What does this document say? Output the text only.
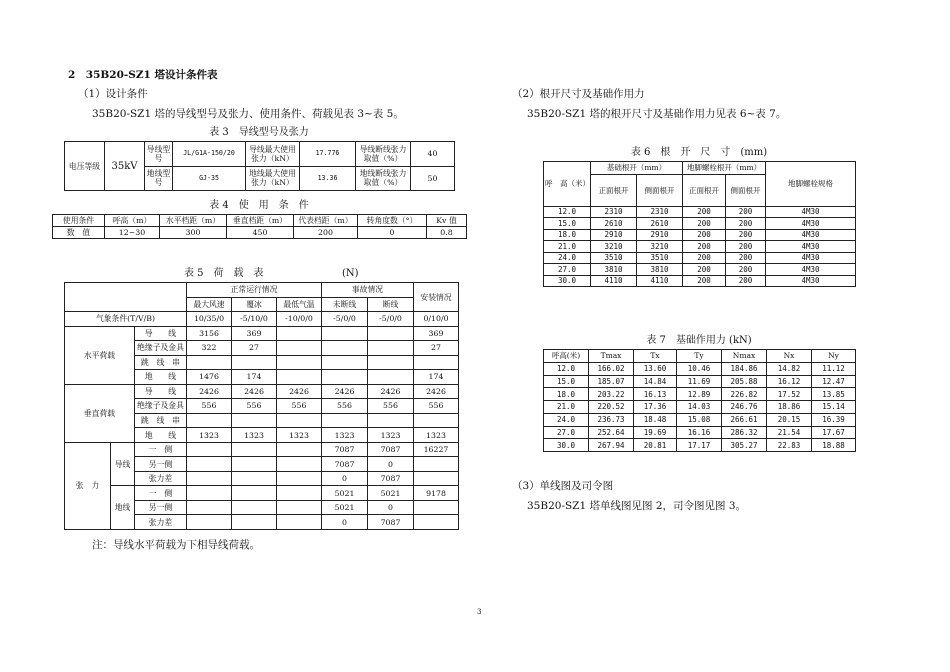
2　35B20-SZ1 塔设计条件表
（1）设计条件
35B20-SZ1 塔的导线型号及张力、使用条件、荷载见表 3~表 5。
表 3　导线型号及张力
电压等级	35kV	导线型号	JL/G1A-150/20	导线最大使用张力（kN）	17.776	导线断线张力取值（%）	40
		地线型号	GJ-35	地线最大使用张力（kN）	13.36	地线断线张力取值（%）	50
表 4　使　用　条　件
使用条件	呼高（m）	水平档距（m）	垂直档距（m）	代表档距（m）	转角度数（°）	Kv 值
数　值	12~30	300	450	200	0	0.8
表 5　荷　载　表	(N)
			正常运行情况			事故情况		安装情况
			最大风速	覆冰	最低气温	未断线	断线	
气象条件(T/V/B)			10/35/0	-5/10/0	-10/0/0	-5/0/0	-5/0/0	0/10/0
水平荷载		导　　线	3156	369				369
		绝缘子及金具	322	27				27
		跳　线　串						
		地　　线	1476	174				174
垂直荷载		导　　线	2426	2426	2426	2426	2426	2426
		绝缘子及金具	556	556	556	556	556	556
		跳　线　串						
		地　　线	1323	1323	1323	1323	1323	1323
张　力	导线	一　侧				7087	7087	16227
		另一侧				7087	0	
		张力差				0	7087	
	地线	一　侧				5021	5021	9178
		另一侧				5021	0	
		张力差				0	7087	
注：导线水平荷载为下相导线荷载。
（2）根开尺寸及基础作用力
35B20-SZ1 塔的根开尺寸及基础作用力见表 6~表 7。
表 6　根　开　尺　寸　(mm)
呼　高（米）	基础根开（mm）		地脚螺栓根开（mm）		地脚螺栓规格
	正面根开	侧面根开	正面根开	侧面根开	
12.0	2310	2310	200	200	4M30
15.0	2610	2610	200	200	4M30
18.0	2910	2910	200	200	4M30
21.0	3210	3210	200	200	4M30
24.0	3510	3510	200	200	4M30
27.0	3810	3810	200	200	4M30
30.0	4110	4110	200	200	4M30
表 7　基础作用力 (kN)
呼高(米)	Tmax	Tx	Ty	Nmax	Nx	Ny
12.0	166.02	13.60	10.46	184.86	14.82	11.12
15.0	185.07	14.84	11.69	205.88	16.12	12.47
18.0	203.22	16.13	12.89	226.82	17.52	13.85
21.0	220.52	17.36	14.03	246.76	18.86	15.14
24.0	236.73	18.48	15.08	266.61	20.15	16.39
27.0	252.64	19.69	16.16	286.32	21.54	17.67
30.0	267.94	20.81	17.17	305.27	22.83	18.88
（3）单线图及司令图
35B20-SZ1 塔单线图见图 2，司令图见图 3。
3
